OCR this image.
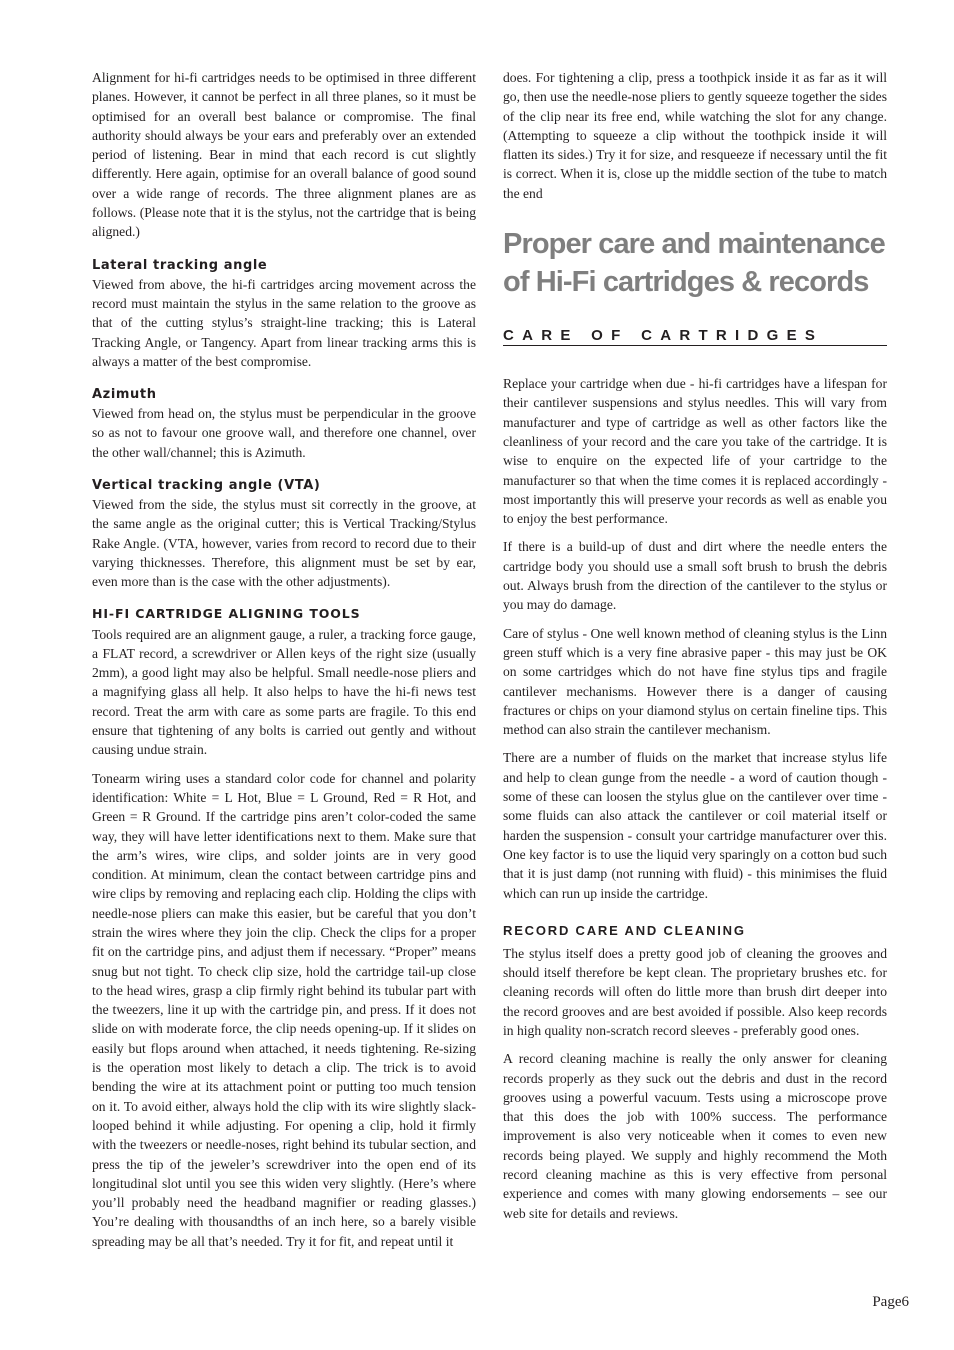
Alignment for hi-fi cartridges needs to be optimised in three different planes. However, it cannot be perfect in all three planes, so it must be optimised for an overall best balance or compromise. The final authority should always be your ears and preferably over an extended period of listening. Bear in mind that each record is cut slightly differently. Here again, optimise for an overall balance of good sound over a wide range of records. The three alignment planes are as follows. (Please note that it is the stylus, not the cartridge that is being aligned.)

Lateral tracking angle

Viewed from above, the hi-fi cartridges arcing movement across the record must maintain the stylus in the same relation to the groove as that of the cutting stylus’s straight-line tracking; this is Lateral Tracking Angle, or Tangency. Apart from linear tracking arms this is always a matter of the best compromise.

Azimuth

Viewed from head on, the stylus must be perpendicular in the groove so as not to favour one groove wall, and therefore one channel, over the other wall/channel; this is Azimuth.

Vertical tracking angle (VTA)

Viewed from the side, the stylus must sit correctly in the groove, at the same angle as the original cutter; this is Vertical Tracking/Stylus Rake Angle. (VTA, however, varies from record to record due to their varying thicknesses. Therefore, this alignment must be set by ear, even more than is the case with the other adjustments).

HI-FI CARTRIDGE ALIGNING TOOLS

Tools required are an alignment gauge, a ruler, a tracking force gauge, a FLAT record, a screwdriver or Allen keys of the right size (usually 2mm), a good light may also be helpful. Small needle-nose pliers and a magnifying glass all help. It also helps to have the hi-fi news test record. Treat the arm with care as some parts are fragile. To this end ensure that tightening of any bolts is carried out gently and without causing undue strain.

Tonearm wiring uses a standard color code for channel and polarity identification: White = L Hot, Blue = L Ground, Red = R Hot, and Green = R Ground. If the cartridge pins aren’t color-coded the same way, they will have letter identifications next to them. Make sure that the arm’s wires, wire clips, and solder joints are in very good condition. At minimum, clean the contact between cartridge pins and wire clips by removing and replacing each clip. Holding the clips with needle-nose pliers can make this easier, but be careful that you don’t strain the wires where they join the clip. Check the clips for a proper fit on the cartridge pins, and adjust them if necessary. “Proper” means snug but not tight. To check clip size, hold the cartridge tail-up close to the head wires, grasp a clip firmly right behind its tubular part with the tweezers, line it up with the cartridge pin, and press. If it does not slide on with moderate force, the clip needs opening-up. If it slides on easily but flops around when attached, it needs tightening. Re-sizing is the operation most likely to detach a clip. The trick is to avoid bending the wire at its attachment point or putting too much tension on it. To avoid either, always hold the clip with its wire slightly slack-looped behind it while adjusting. For opening a clip, hold it firmly with the tweezers or needle-noses, right behind its tubular section, and press the tip of the jeweler’s screwdriver into the open end of its longitudinal slot until you see this widen very slightly. (Here’s where you’ll probably need the headband magnifier or reading glasses.) You’re dealing with thousandths of an inch here, so a barely visible spreading may be all that’s needed. Try it for fit, and repeat until it

does. For tightening a clip, press a toothpick inside it as far as it will go, then use the needle-nose pliers to gently squeeze together the sides of the clip near its free end, while watching the slot for any change. (Attempting to squeeze a clip without the toothpick inside it will flatten its sides.) Try it for size, and resqueeze if necessary until the fit is correct. When it is, close up the middle section of the tube to match the end

Proper care and maintenance of Hi-Fi cartridges & records
CARE OF CARTRIDGES

Replace your cartridge when due - hi-fi cartridges have a lifespan for their cantilever suspensions and stylus needles. This will vary from manufacturer and type of cartridge as well as other factors like the cleanliness of your record and the care you take of the cartridge. It is wise to enquire on the expected life of your cartridge to the manufacturer so that when the time comes it is replaced accordingly - most importantly this will preserve your records as well as enable you to enjoy the best performance.

If there is a build-up of dust and dirt where the needle enters the cartridge body you should use a small soft brush to brush the debris out. Always brush from the direction of the cantilever to the stylus or you may do damage.

Care of stylus - One well known method of cleaning stylus is the Linn green stuff which is a very fine abrasive paper - this may just be OK on some cartridges which do not have fine stylus tips and fragile cantilever mechanisms. However there is a danger of causing fractures or chips on your diamond stylus on certain fineline tips. This method can also strain the cantilever mechanism.

There are a number of fluids on the market that increase stylus life and help to clean gunge from the needle - a word of caution though - some of these can loosen the stylus glue on the cantilever over time - some fluids can also attack the cantilever or coil material itself or harden the suspension - consult your cartridge manufacturer over this. One key factor is to use the liquid very sparingly on a cotton bud such that it is just damp (not running with fluid) - this minimises the fluid which can run up inside the cartridge.

RECORD CARE AND CLEANING

The stylus itself does a pretty good job of cleaning the grooves and should itself therefore be kept clean. The proprietary brushes etc. for cleaning records will often do little more than brush dirt deeper into the record grooves and are best avoided if possible. Also keep records in high quality non-scratch record sleeves - preferably good ones.

A record cleaning machine is really the only answer for cleaning records properly as they suck out the debris and dust in the record grooves using a powerful vacuum. Tests using a microscope prove that this does the job with 100% success. The performance improvement is also very noticeable when it comes to even new records being played. We supply and highly recommend the Moth record cleaning machine as this is very effective from personal experience and comes with many glowing endorsements – see our web site for details and reviews.

Page6
